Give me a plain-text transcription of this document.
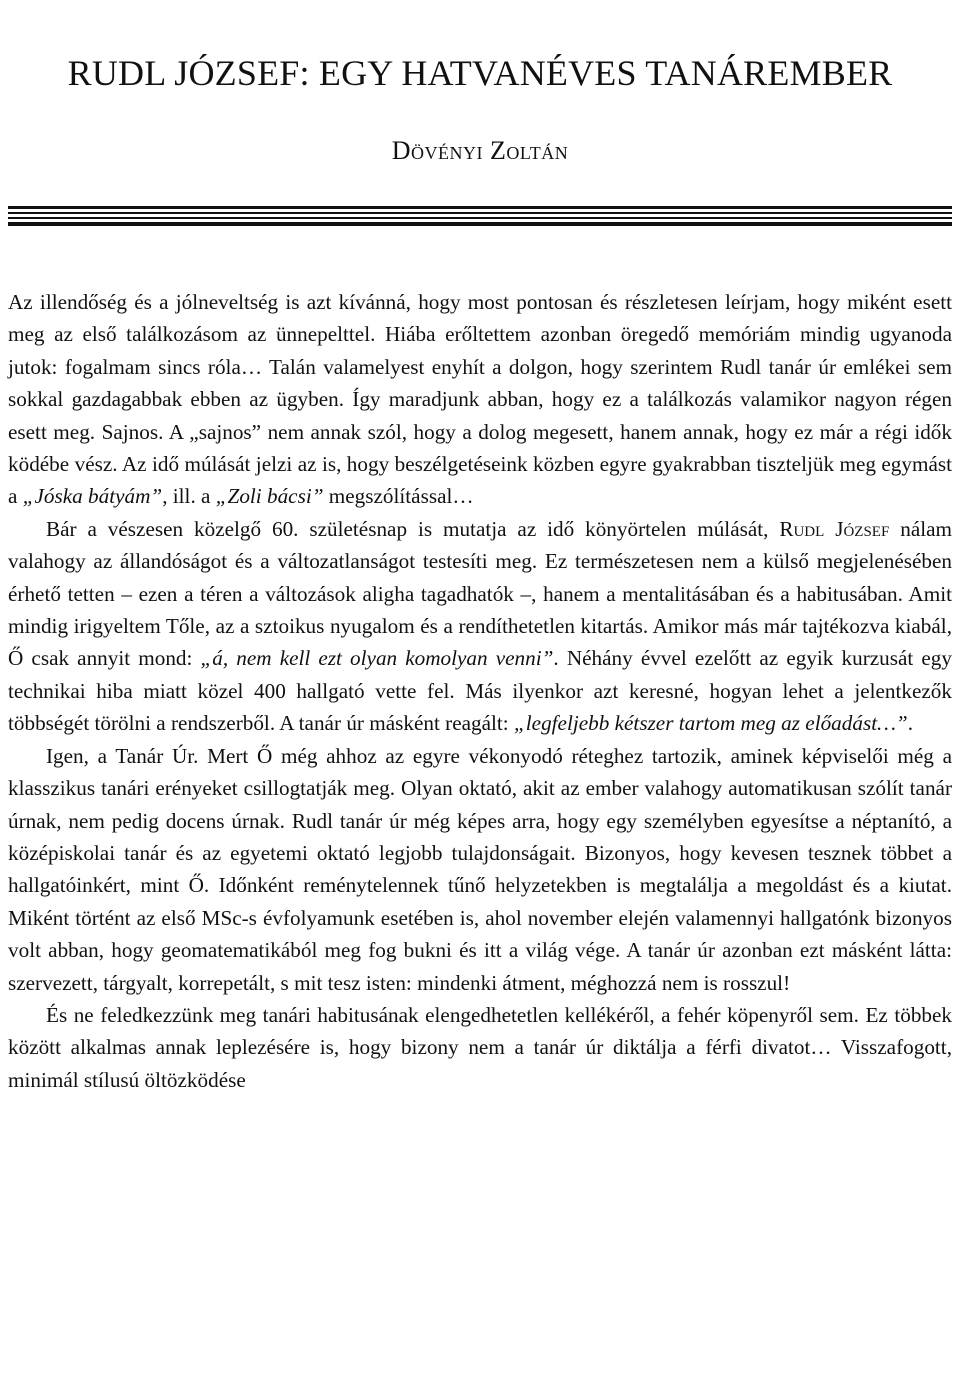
RUDL JÓZSEF: EGY HATVANÉVES TANÁREMBER
Dövényi Zoltán

Az illendőség és a jólneveltség is azt kívánná, hogy most pontosan és részletesen leírjam, hogy miként esett meg az első találkozásom az ünnepelttel. Hiába erőltettem azonban öregedő memóriám mindig ugyanoda jutok: fogalmam sincs róla… Talán valamelyest enyhít a dolgon, hogy szerintem Rudl tanár úr emlékei sem sokkal gazdagabbak ebben az ügyben. Így maradjunk abban, hogy ez a találkozás valamikor nagyon régen esett meg. Sajnos. A „sajnos” nem annak szól, hogy a dolog megesett, hanem annak, hogy ez már a régi idők ködébe vész. Az idő múlását jelzi az is, hogy beszélgetéseink közben egyre gyakrabban tiszteljük meg egymást a „Jóska bátyám”, ill. a „Zoli bácsi” megszólítással…

Bár a vészesen közelgő 60. születésnap is mutatja az idő könyörtelen múlását, Rudl József nálam valahogy az állandóságot és a változatlanságot testesíti meg. Ez természetesen nem a külső megjelenésében érhető tetten – ezen a téren a változások aligha tagadhatók –, hanem a mentalitásában és a habitusában. Amit mindig irigyeltem Tőle, az a sztoikus nyugalom és a rendíthetetlen kitartás. Amikor más már tajtékozva kiabál, Ő csak annyit mond: „á, nem kell ezt olyan komolyan venni”. Néhány évvel ezelőtt az egyik kurzusát egy technikai hiba miatt közel 400 hallgató vette fel. Más ilyenkor azt keresné, hogyan lehet a jelentkezők többségét törölni a rendszerből. A tanár úr másként reagált: „legfeljebb kétszer tartom meg az előadást…”.

Igen, a Tanár Úr. Mert Ő még ahhoz az egyre vékonyodó réteghez tartozik, aminek képviselői még a klasszikus tanári erényeket csillogtatják meg. Olyan oktató, akit az ember valahogy automatikusan szólít tanár úrnak, nem pedig docens úrnak. Rudl tanár úr még képes arra, hogy egy személyben egyesítse a néptanító, a középiskolai tanár és az egyetemi oktató legjobb tulajdonságait. Bizonyos, hogy kevesen tesznek többet a hallgatóinkért, mint Ő. Időnként reménytelennek tűnő helyzetekben is megtalálja a megoldást és a kiutat. Miként történt az első MSc-s évfolyamunk esetében is, ahol november elején valamennyi hallgatónk bizonyos volt abban, hogy geomatematikából meg fog bukni és itt a világ vége. A tanár úr azonban ezt másként látta: szervezett, tárgyalt, korrepetált, s mit tesz isten: mindenki átment, méghozzá nem is rosszul!

És ne feledkezzünk meg tanári habitusának elengedhetetlen kellékéről, a fehér köpenyről sem. Ez többek között alkalmas annak leplezésére is, hogy bizony nem a tanár úr diktálja a férfi divatot… Visszafogott, minimál stílusú öltözködése
